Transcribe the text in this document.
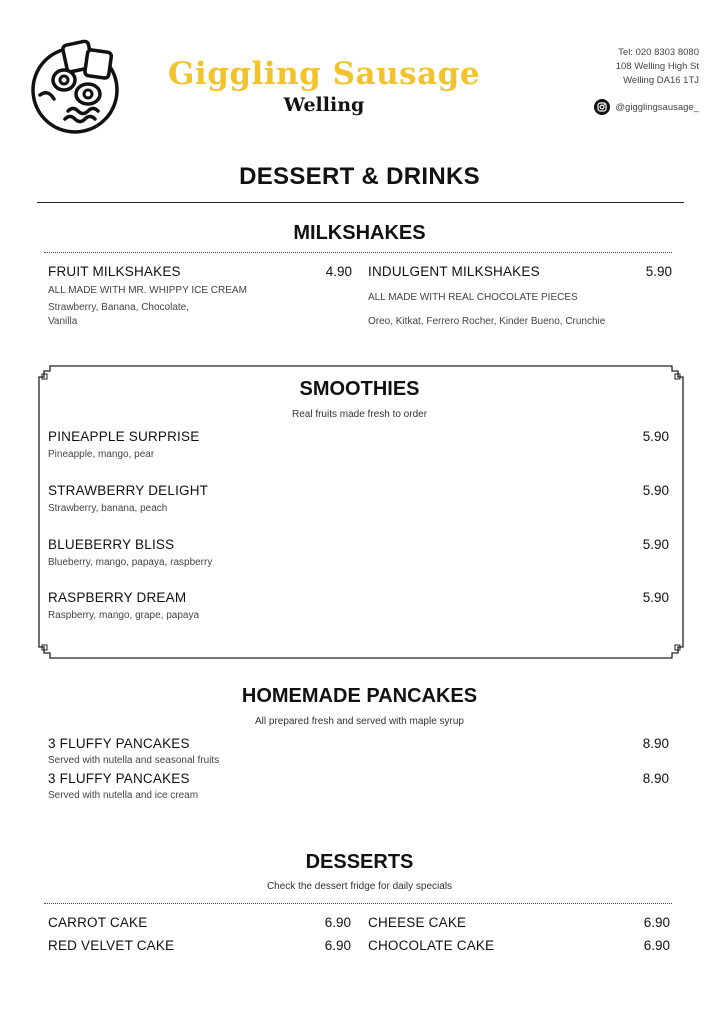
Giggling Sausage
Welling
Tel: 020 8303 8080
108 Welling High St
Welling DA16 1TJ
@gigglingsausage_
DESSERT & DRINKS
MILKSHAKES
FRUIT MILKSHAKES	4.90
ALL MADE WITH MR. WHIPPY ICE CREAM
Strawberry, Banana, Chocolate,
Vanilla
INDULGENT MILKSHAKES	5.90
ALL MADE WITH REAL CHOCOLATE PIECES
Oreo, Kitkat, Ferrero Rocher, Kinder Bueno, Crunchie
SMOOTHIES
Real fruits made fresh to order
PINEAPPLE SURPRISE	5.90
Pineapple, mango, pear
STRAWBERRY DELIGHT	5.90
Strawberry, banana, peach
BLUEBERRY BLISS	5.90
Blueberry, mango, papaya, raspberry
RASPBERRY DREAM	5.90
Raspberry, mango, grape, papaya
HOMEMADE PANCAKES
All prepared fresh and served with maple syrup
3 FLUFFY PANCAKES	8.90
Served with nutella and seasonal fruits
3 FLUFFY PANCAKES	8.90
Served with nutella and ice cream
DESSERTS
Check the dessert fridge for daily specials
CARROT CAKE	6.90 CHEESE CAKE	6.90
RED VELVET CAKE	6.90 CHOCOLATE CAKE	6.90
